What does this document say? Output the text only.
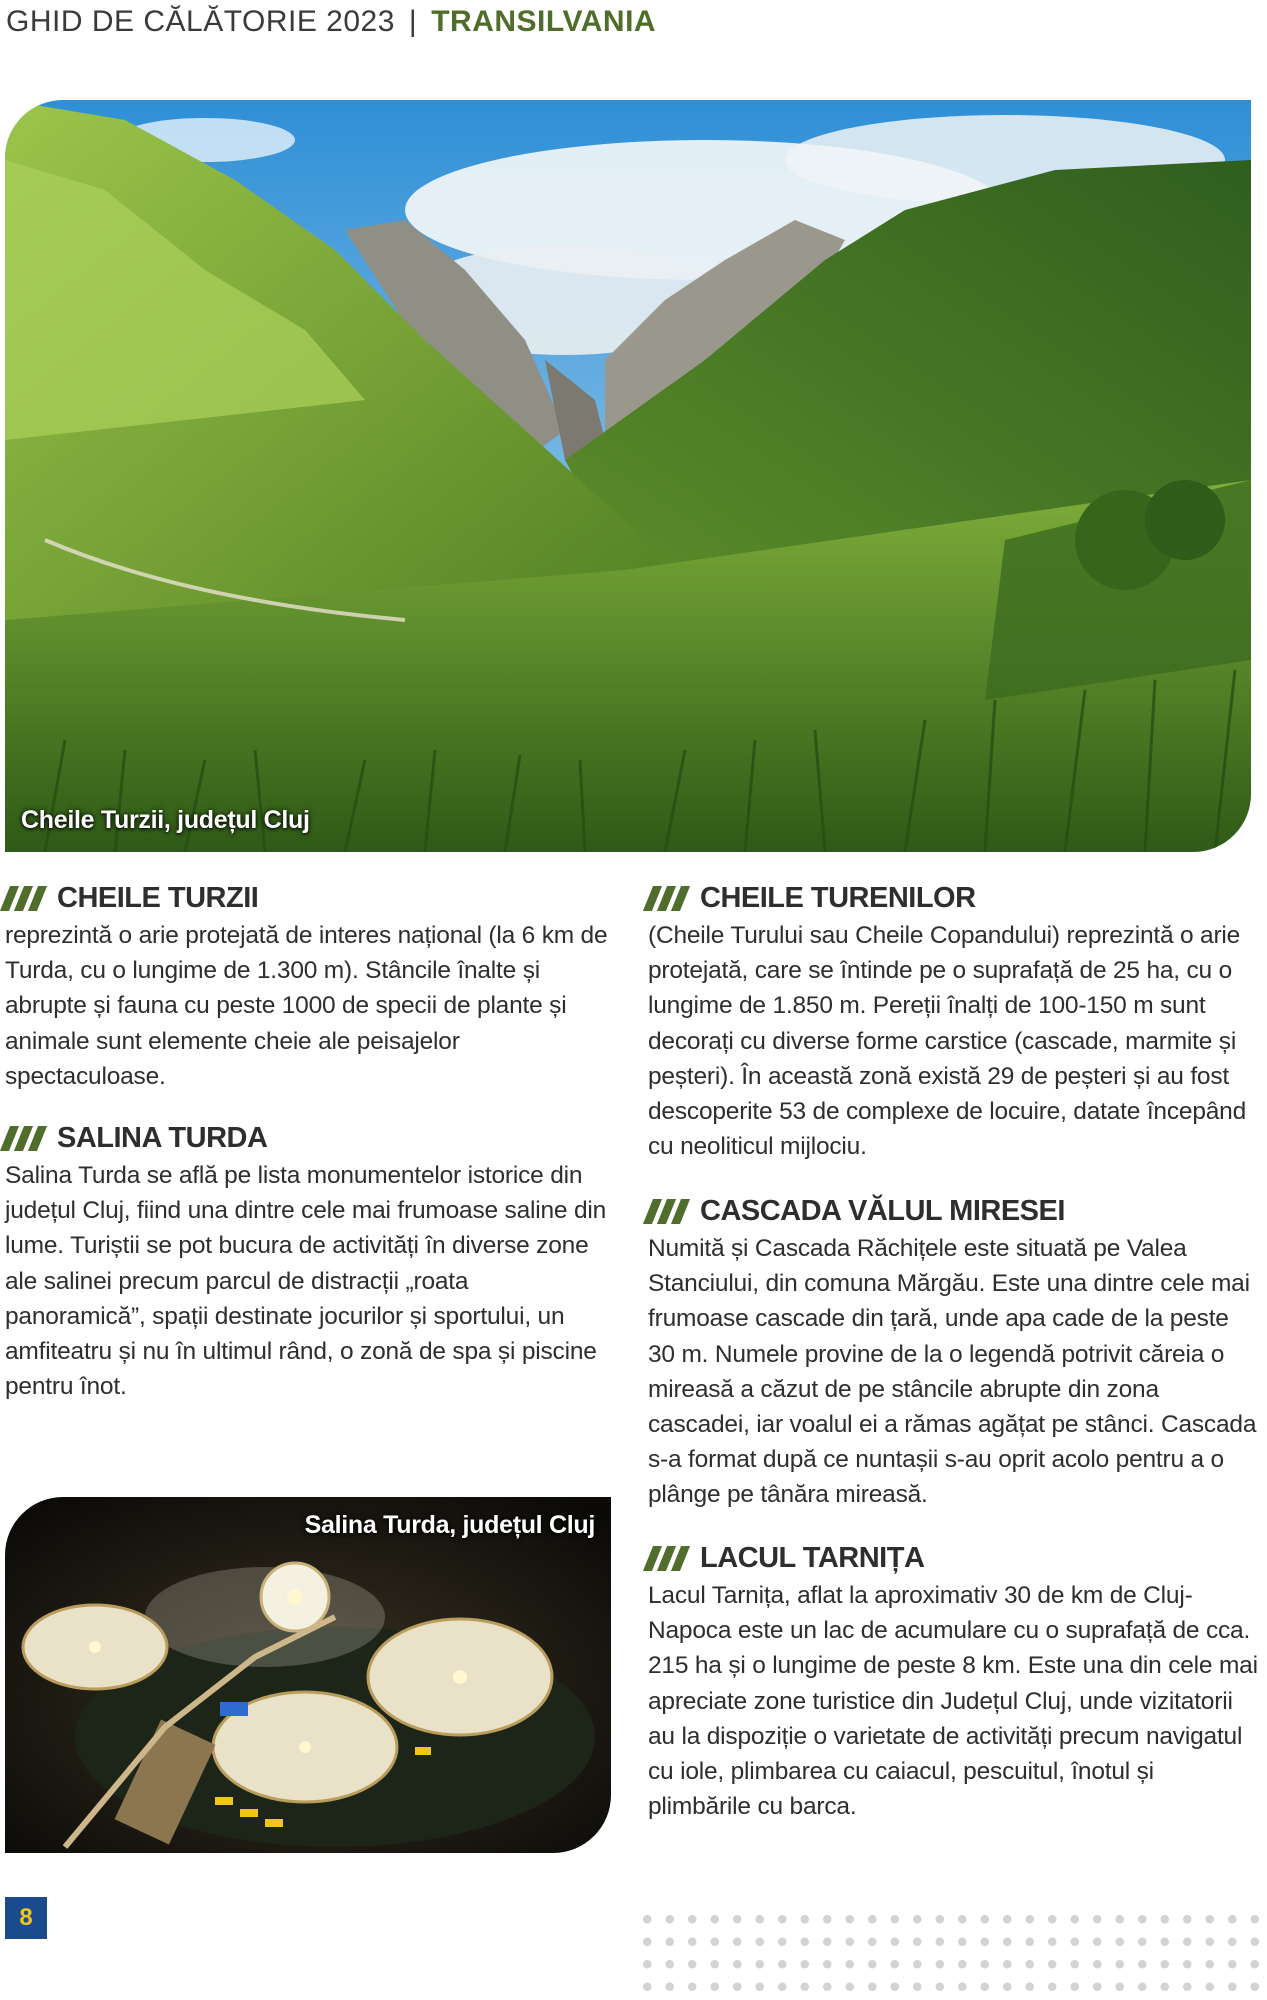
GHID DE CĂLĂTORIE 2023 | TRANSILVANIA
Cheile Turzii, județul Cluj
CHEILE TURZII

reprezintă o arie protejată de interes național (la 6 km de Turda, cu o lungime de 1.300 m). Stâncile înalte și abrupte și fauna cu peste 1000 de specii de plante și animale sunt elemente cheie ale peisajelor spectaculoase.

SALINA TURDA

Salina Turda se află pe lista monumentelor istorice din județul Cluj, fiind una dintre cele mai frumoase saline din lume. Turiștii se pot bucura de activități în diverse zone ale salinei precum parcul de distracții „roata panoramică”, spații destinate jocurilor și sportului, un amfiteatru și nu în ultimul rând, o zonă de spa și piscine pentru înot.

Salina Turda, județul Cluj
CHEILE TURENILOR

(Cheile Turului sau Cheile Copandului) reprezintă o arie protejată, care se întinde pe o suprafață de 25 ha, cu o lungime de 1.850 m. Pereții înalți de 100-150 m sunt decorați cu diverse forme carstice (cascade, marmite și peșteri). În această zonă există 29 de peșteri și au fost descoperite 53 de complexe de locuire, datate începând cu neoliticul mijlociu.

CASCADA VĂLUL MIRESEI

Numită și Cascada Răchițele este situată pe Valea Stanciului, din comuna Mărgău. Este una dintre cele mai frumoase cascade din țară, unde apa cade de la peste 30 m. Numele provine de la o legendă potrivit căreia o mireasă a căzut de pe stâncile abrupte din zona cascadei, iar voalul ei a rămas agățat pe stânci. Cascada s-a format după ce nuntașii s-au oprit acolo pentru a o plânge pe tânăra mireasă.

LACUL TARNIȚA

Lacul Tarnița, aflat la aproximativ 30 de km de Cluj-Napoca este un lac de acumulare cu o suprafață de cca. 215 ha și o lungime de peste 8 km. Este una din cele mai apreciate zone turistice din Județul Cluj, unde vizitatorii au la dispoziție o varietate de activități precum navigatul cu iole, plimbarea cu caiacul, pescuitul, înotul și plimbările cu barca.

8
